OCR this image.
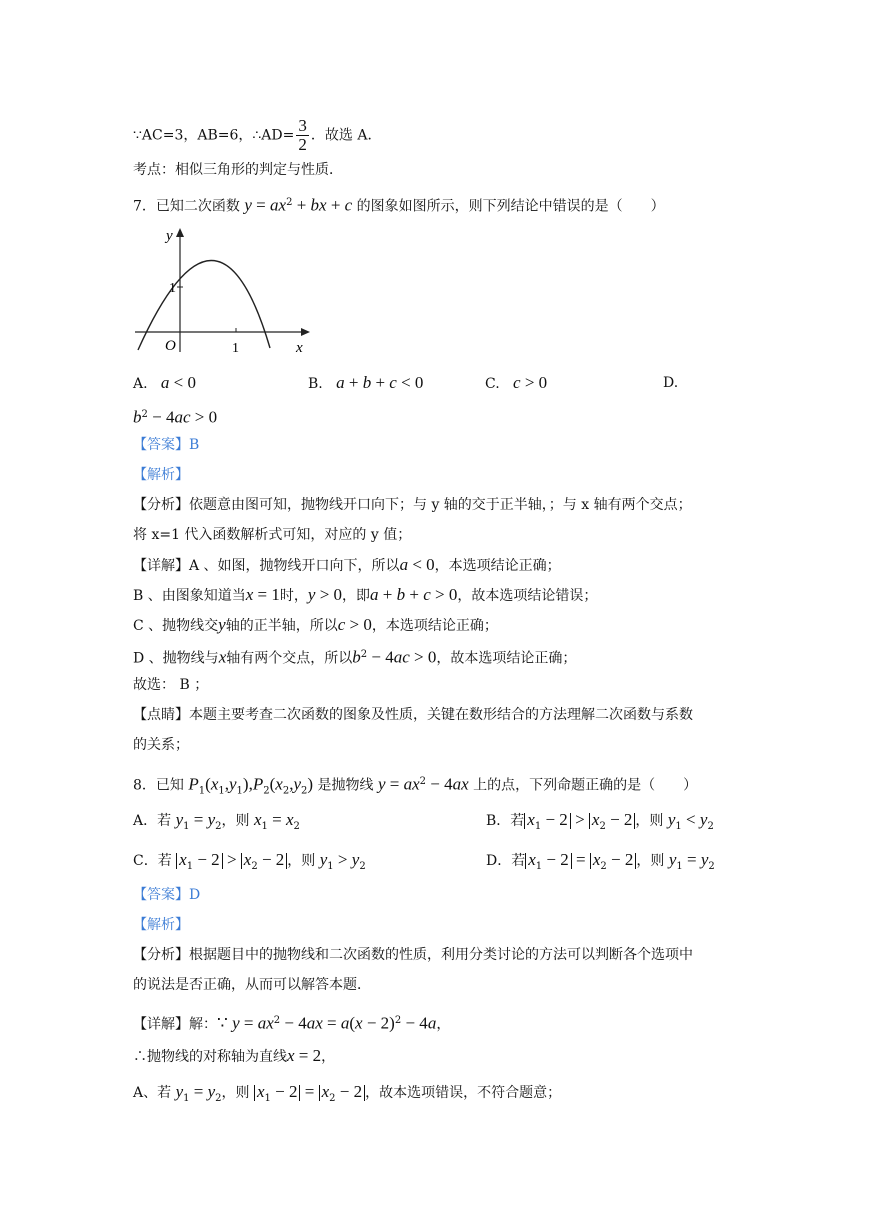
∵AC=3，AB=6，∴AD= $\frac{3}{2}$ ．故选 A．
考点：相似三角形的判定与性质．
7．已知二次函数 $y = ax^2$ + bx + c 的图象如图所示，则下列结论中错误的是（　　）
y
x
O
1
1
A. a < 0	B. a + b + c < 0	C. c > 0	D.
$b^2 - 4ac > 0$
【答案】B
【解析】
【分析】依题意由图可知，抛物线开口向下；与 y 轴的交于正半轴，；与 x 轴有两个交点；
将 x=1 代入函数解析式可知，对应的 y 值；
【详解】A 、如图，抛物线开口向下，所以a < 0，本选项结论正确；
B 、由图象知道当x = 1时，y > 0，即a + b + c > 0，故本选项结论错误；
C 、抛物线交y轴的正半轴，所以c > 0，本选项结论正确；
D 、抛物线与x轴有两个交点，所以$b^2 - 4ac > 0$，故本选项结论正确；
故选： B ；
【点睛】本题主要考查二次函数的图象及性质，关键在数形结合的方法理解二次函数与系数
的关系；
8．已知 $P_1(x_1,y_1),P_2(x_2,y_2)$ 是抛物线 $y = ax^2 - 4ax$ 上的点，下列命题正确的是（　　）
A．若 $y_1 = y_2$，则 $x_1 = x_2$	B．若 $x_1 - 2 > x_2 - 2$ ，则 $y_1 < y_2$
C．若 $x_1 - 2 > x_2 - 2$ ，则 $y_1 > y_2$	D．若 $x_1 - 2 = x_2 - 2$ ，则 $y_1 = y_2$
【答案】D
【解析】
【分析】根据题目中的抛物线和二次函数的性质，利用分类讨论的方法可以判断各个选项中
的说法是否正确，从而可以解答本题．
【详解】解：∵ $y = ax^2 - 4ax = a(x - 2)^2 - 4a$，
∴抛物线的对称轴为直线x = 2，
A、若 $y_1 = y_2$，则 $x_1 - 2 = x_2 - 2$ ，故本选项错误，不符合题意；
